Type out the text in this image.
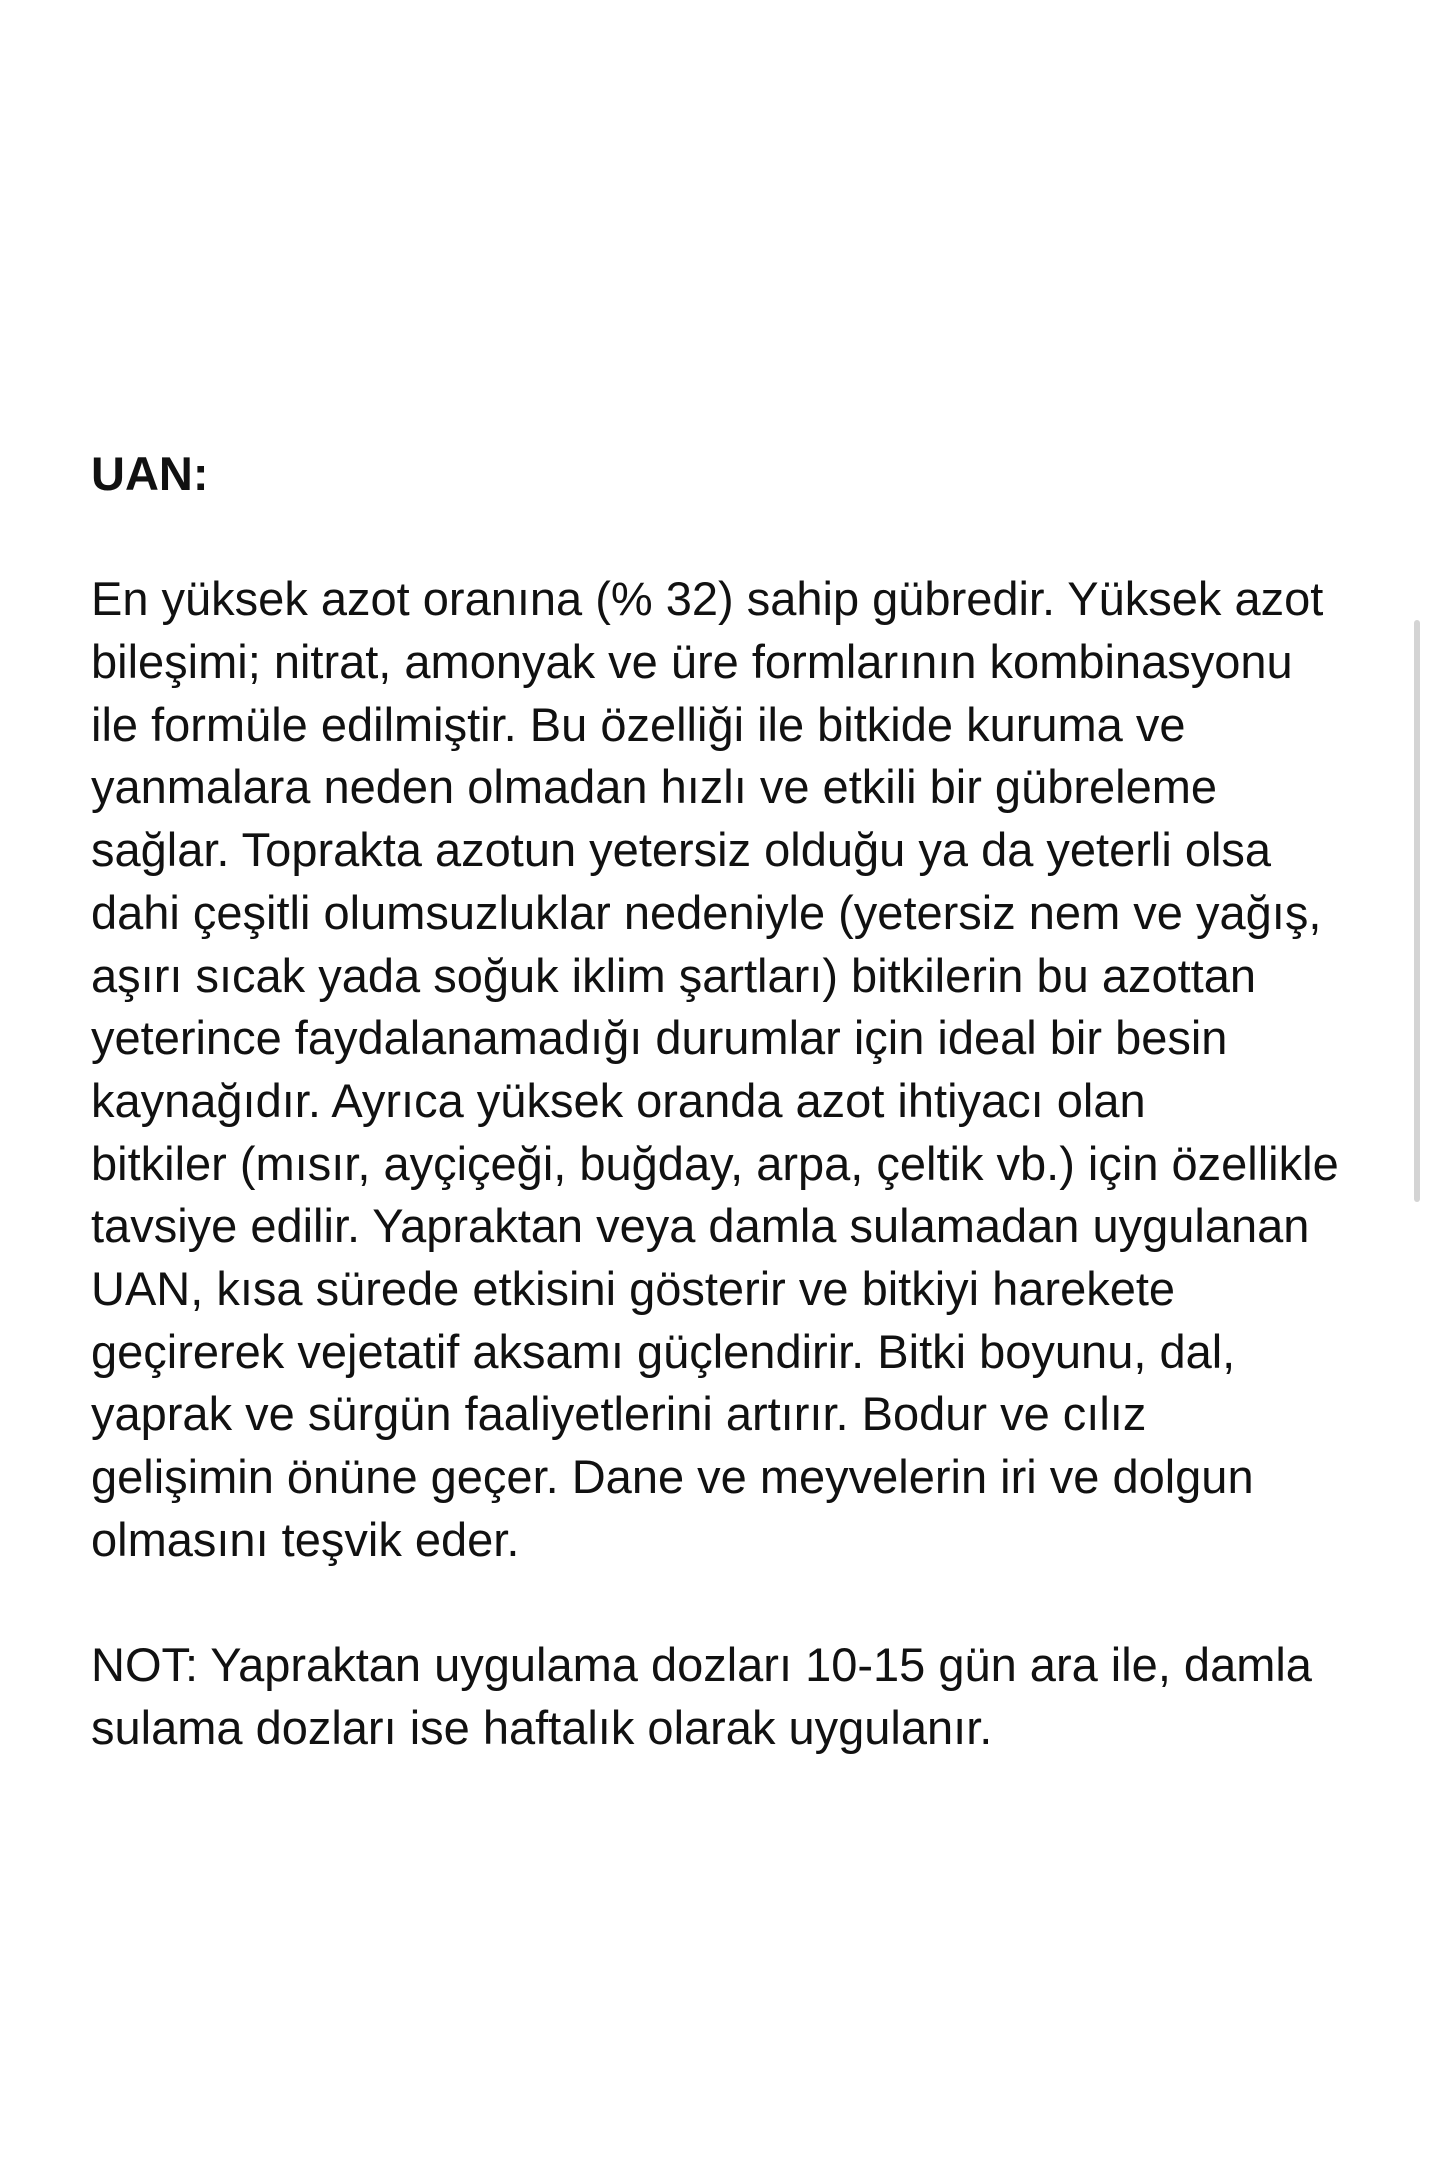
UAN:

En yüksek azot oranına (% 32) sahip gübredir. Yüksek azot

bileşimi; nitrat, amonyak ve üre formlarının kombinasyonu

ile formüle edilmiştir. Bu özelliği ile bitkide kuruma ve

yanmalara neden olmadan hızlı ve etkili bir gübreleme

sağlar. Toprakta azotun yetersiz olduğu ya da yeterli olsa

dahi çeşitli olumsuzluklar nedeniyle (yetersiz nem ve yağış,

aşırı sıcak yada soğuk iklim şartları) bitkilerin bu azottan

yeterince faydalanamadığı durumlar için ideal bir besin

kaynağıdır. Ayrıca yüksek oranda azot ihtiyacı olan

bitkiler (mısır, ayçiçeği, buğday, arpa, çeltik vb.) için özellikle

tavsiye edilir. Yapraktan veya damla sulamadan uygulanan

UAN, kısa sürede etkisini gösterir ve bitkiyi harekete

geçirerek vejetatif aksamı güçlendirir. Bitki boyunu, dal,

yaprak ve sürgün faaliyetlerini artırır. Bodur ve cılız

gelişimin önüne geçer. Dane ve meyvelerin iri ve dolgun

olmasını teşvik eder.

NOT: Yapraktan uygulama dozları 10-15 gün ara ile, damla

sulama dozları ise haftalık olarak uygulanır.
